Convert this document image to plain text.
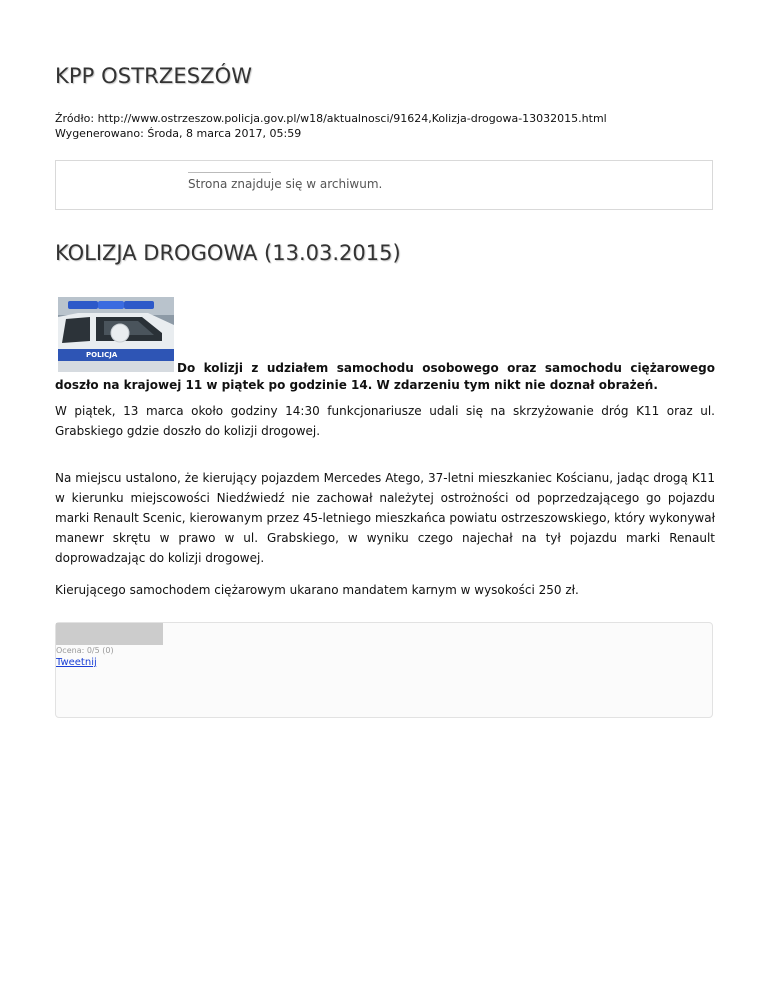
KPP OSTRZESZÓW
Źródło: http://www.ostrzeszow.policja.gov.pl/w18/aktualnosci/91624,Kolizja-drogowa-13032015.html
Wygenerowano: Środa, 8 marca 2017, 05:59
Strona znajduje się w archiwum.
KOLIZJA DROGOWA (13.03.2015)
POLICJA
Do kolizji z udziałem samochodu osobowego oraz samochodu ciężarowego doszło na krajowej 11 w piątek po godzinie 14. W zdarzeniu tym nikt nie doznał obrażeń.
W piątek, 13 marca około godziny 14:30 funkcjonariusze udali się na skrzyżowanie dróg K11 oraz ul. Grabskiego gdzie doszło do kolizji drogowej.
Na miejscu ustalono, że kierujący pojazdem Mercedes Atego, 37-letni mieszkaniec Kościanu, jadąc drogą K11 w kierunku miejscowości Niedźwiedź nie zachował należytej ostrożności od poprzedzającego go pojazdu marki Renault Scenic, kierowanym przez 45-letniego mieszkańca powiatu ostrzeszowskiego, który wykonywał manewr skrętu w prawo w ul. Grabskiego, w wyniku czego najechał na tył pojazdu marki Renault doprowadzając do kolizji drogowej.
Kierującego samochodem ciężarowym ukarano mandatem karnym w wysokości 250 zł.
Ocena: 0/5 (0)
Tweetnij
